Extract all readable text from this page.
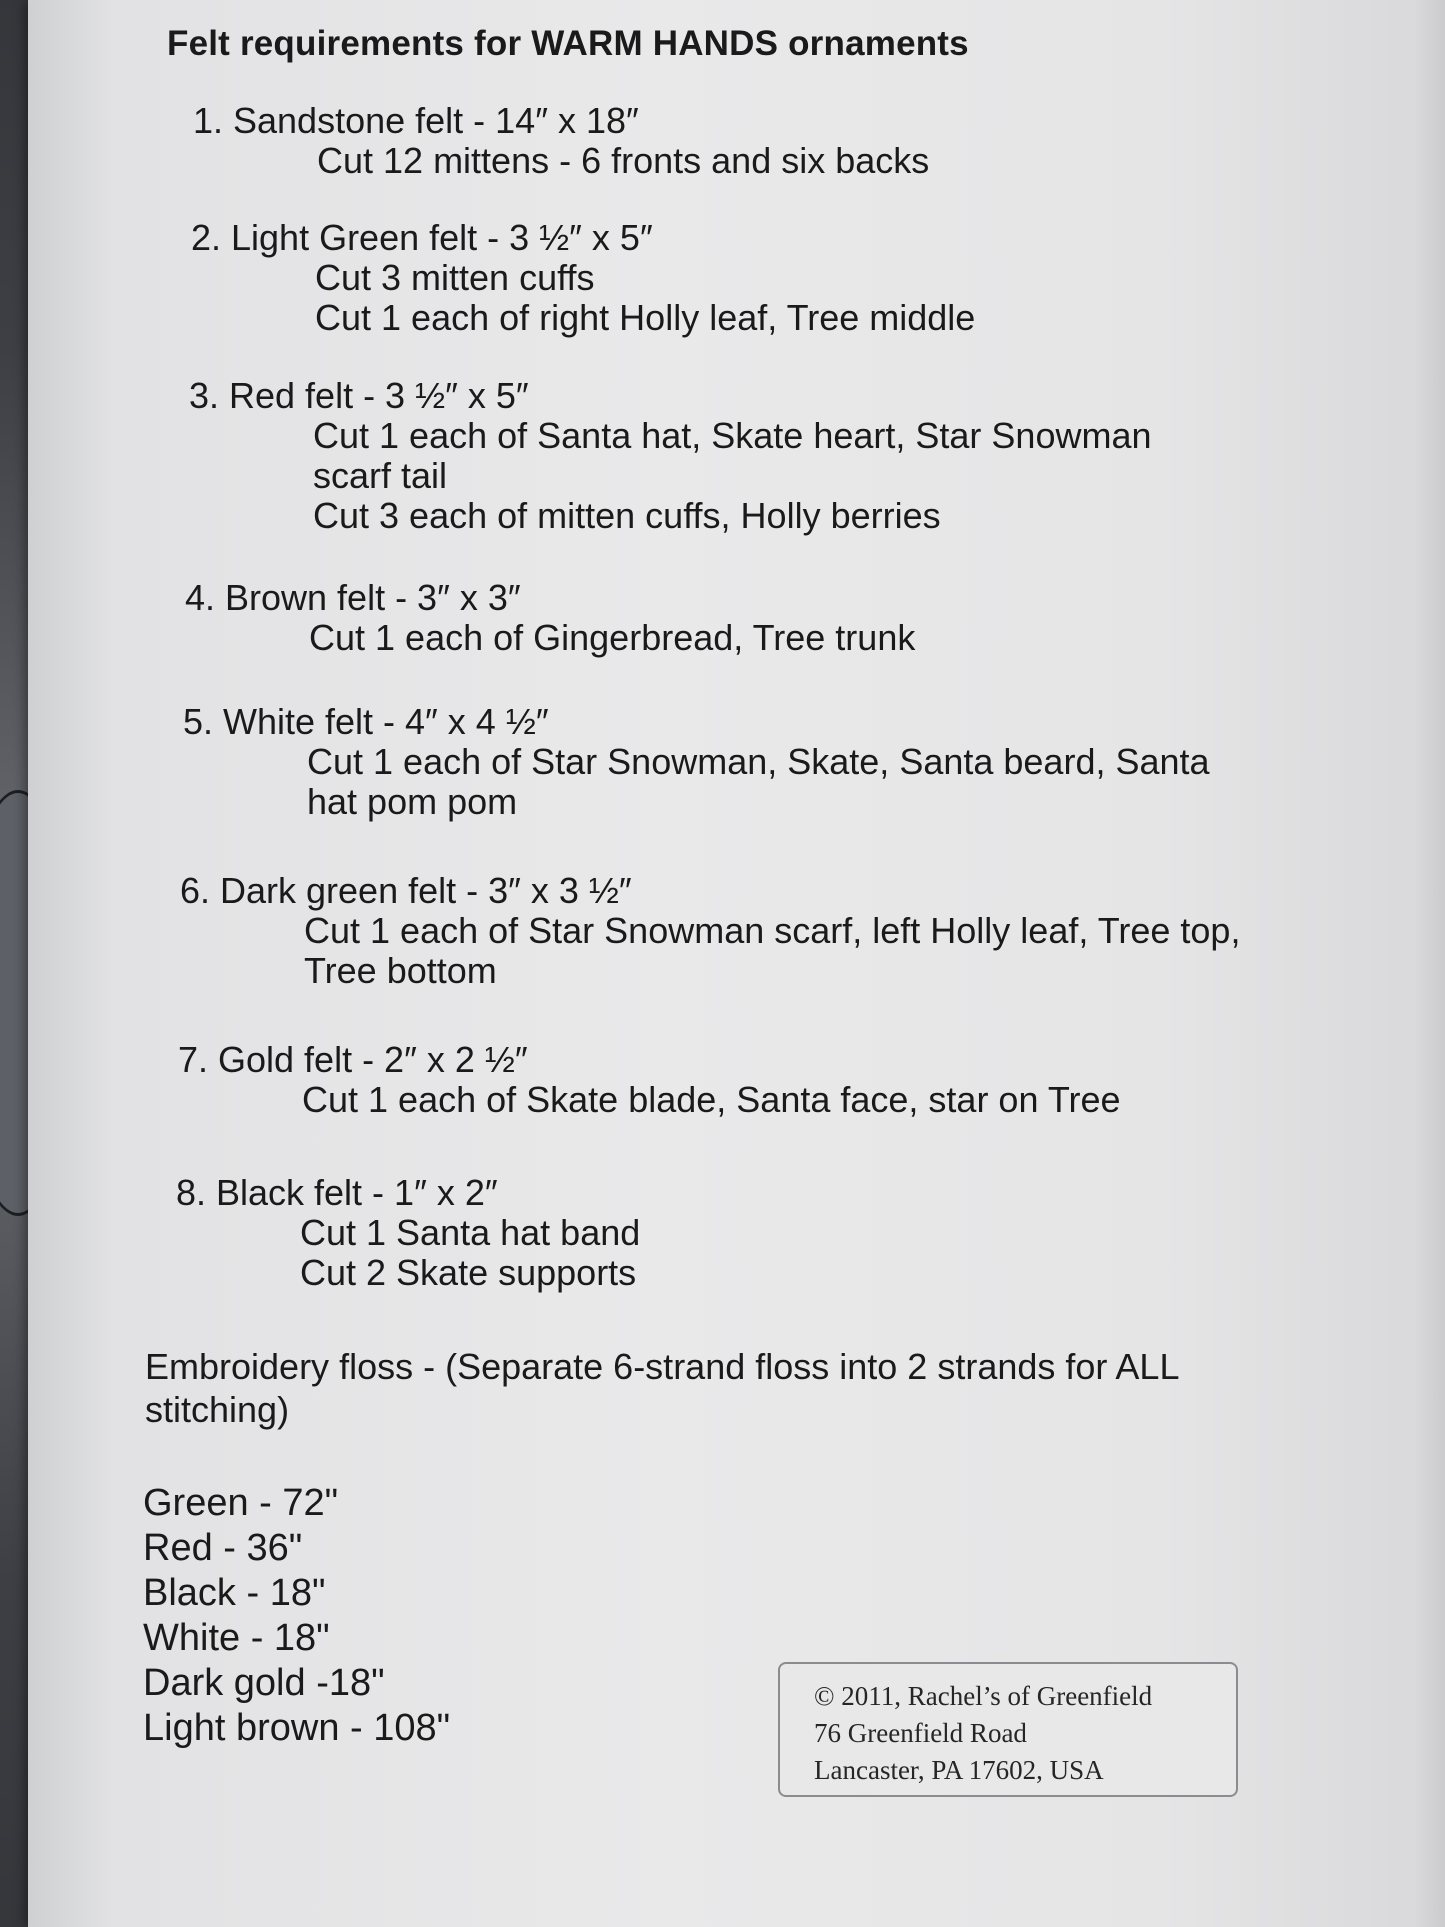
Felt requirements for WARM HANDS ornaments
1. Sandstone felt - 14″ x 18″
Cut 12 mittens - 6 fronts and six backs
2. Light Green felt - 3 ½″ x 5″
Cut 3 mitten cuffs
Cut 1 each of right Holly leaf, Tree middle
3. Red felt - 3 ½″ x 5″
Cut 1 each of Santa hat, Skate heart, Star Snowman
scarf tail
Cut 3 each of mitten cuffs, Holly berries
4. Brown felt - 3″ x 3″
Cut 1 each of Gingerbread, Tree trunk
5. White felt - 4″ x 4 ½″
Cut 1 each of Star Snowman, Skate, Santa beard, Santa
hat pom pom
6. Dark green felt - 3″ x 3 ½″
Cut 1 each of Star Snowman scarf, left Holly leaf, Tree top,
Tree bottom
7. Gold felt - 2″ x 2 ½″
Cut 1 each of Skate blade, Santa face, star on Tree
8. Black felt - 1″ x 2″
Cut 1 Santa hat band
Cut 2 Skate supports
Embroidery floss - (Separate 6-strand floss into 2 strands for ALL stitching)
Green - 72"
Red - 36"
Black - 18"
White - 18"
Dark gold -18"
Light brown - 108"
© 2011, Rachel’s of Greenfield
76 Greenfield Road
Lancaster, PA 17602, USA
